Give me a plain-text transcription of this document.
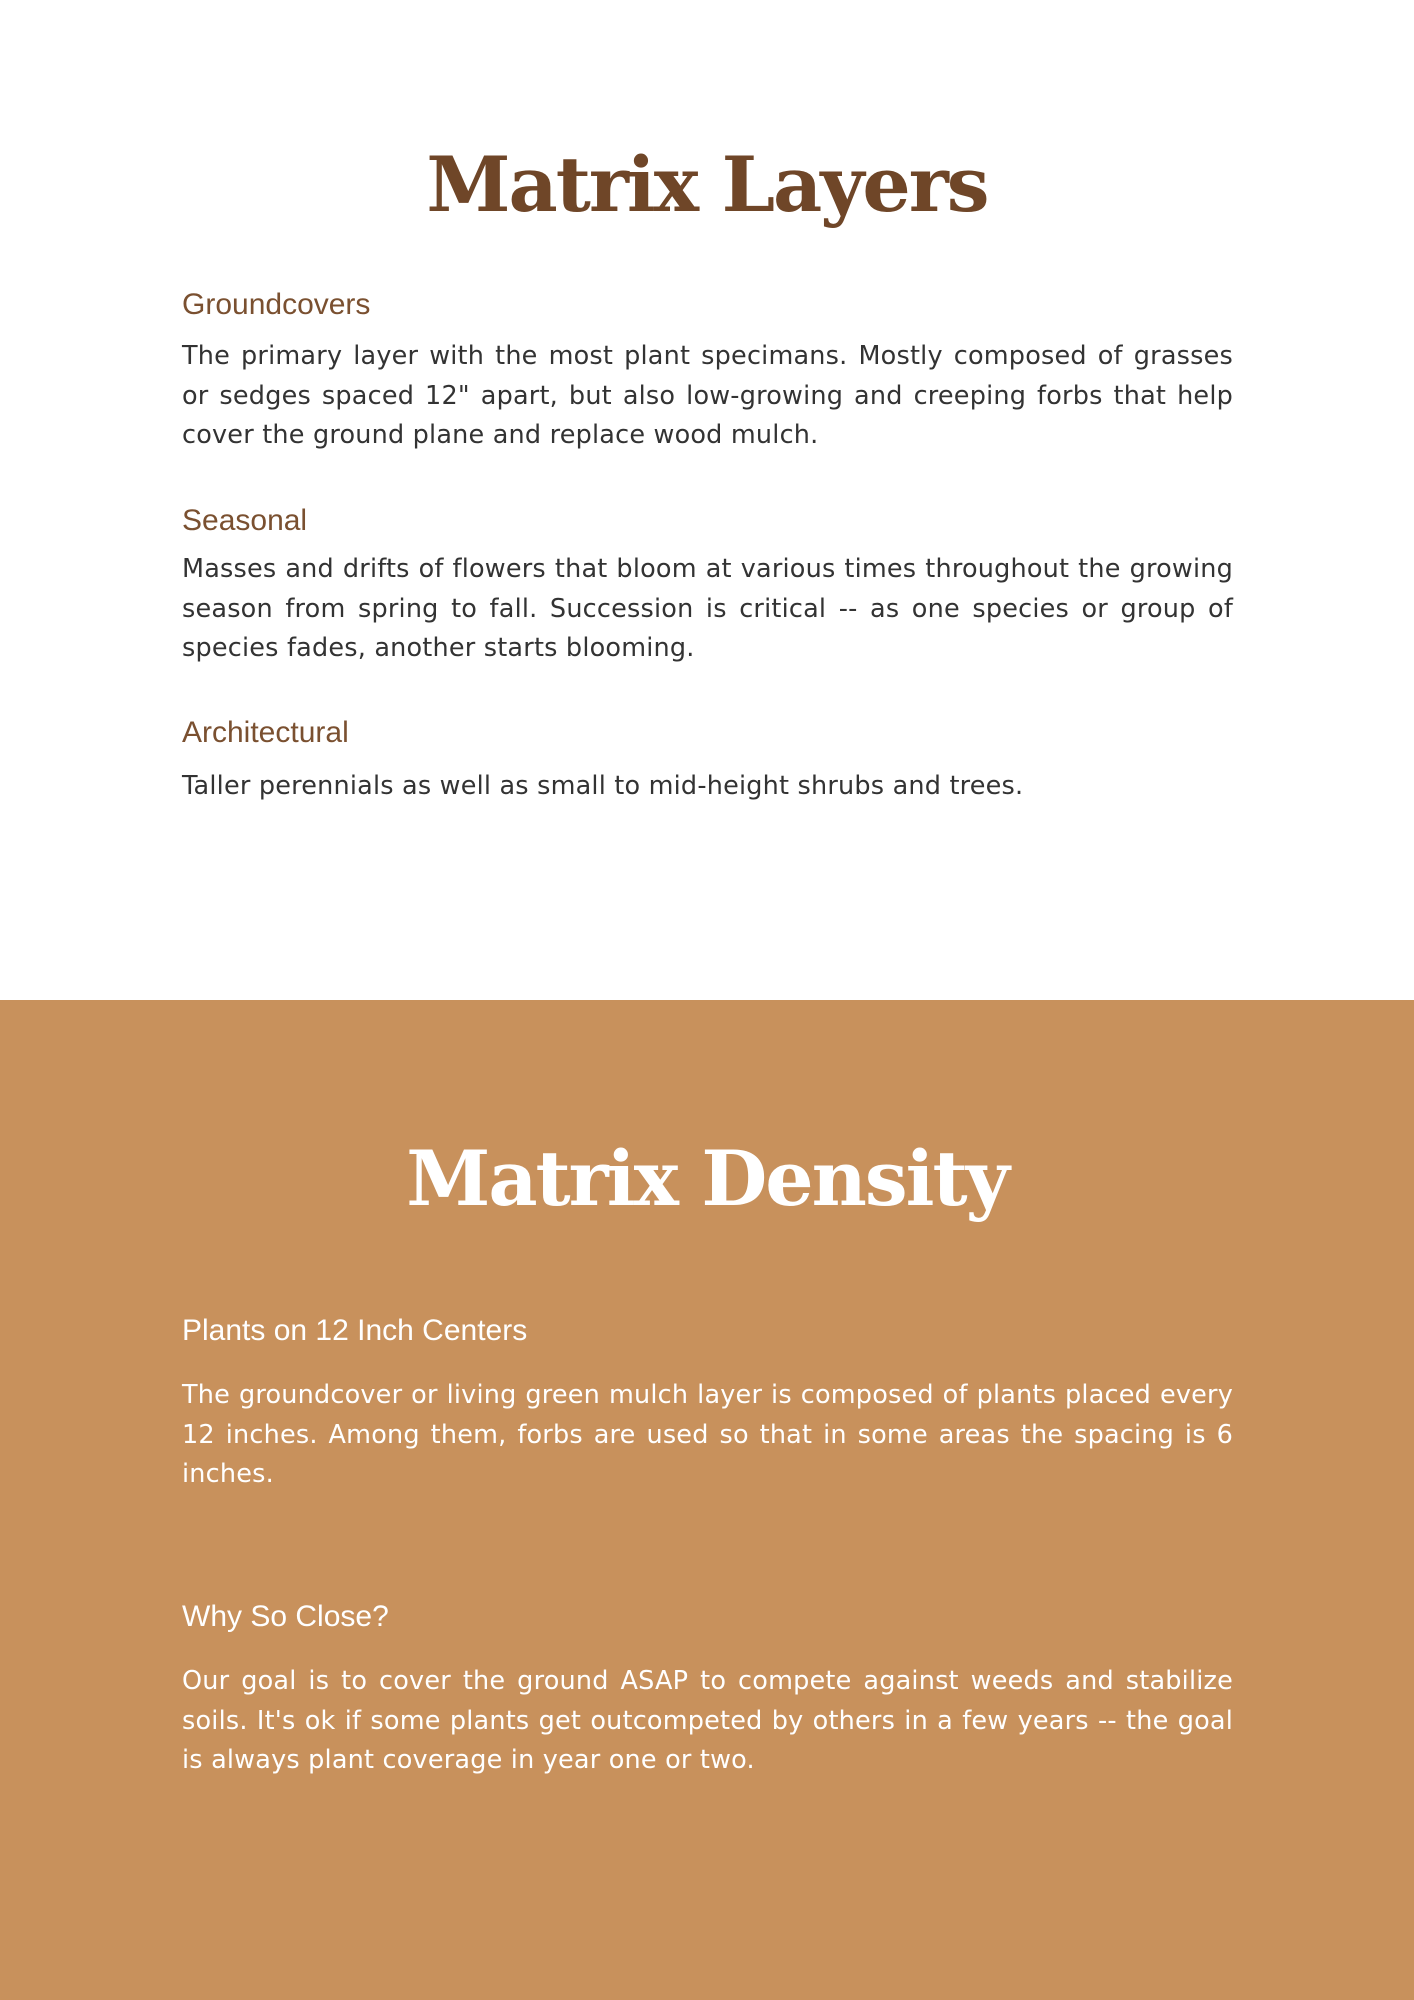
Matrix Layers
Groundcovers
The primary layer with the most plant specimans. Mostly composed of grasses or sedges spaced 12" apart, but also low-growing and creeping forbs that help cover the ground plane and replace wood mulch.
Seasonal
Masses and drifts of flowers that bloom at various times throughout the growing season from spring to fall. Succession is critical -- as one species or group of species fades, another starts blooming.
Architectural
Taller perennials as well as small to mid-height shrubs and trees.
Matrix Density
Plants on 12 Inch Centers
The groundcover or living green mulch layer is composed of plants placed every 12 inches. Among them, forbs are used so that in some areas the spacing is 6 inches.
Why So Close?
Our goal is to cover the ground ASAP to compete against weeds and stabilize soils. It's ok if some plants get outcompeted by others in a few years -- the goal is always plant coverage in year one or two.
